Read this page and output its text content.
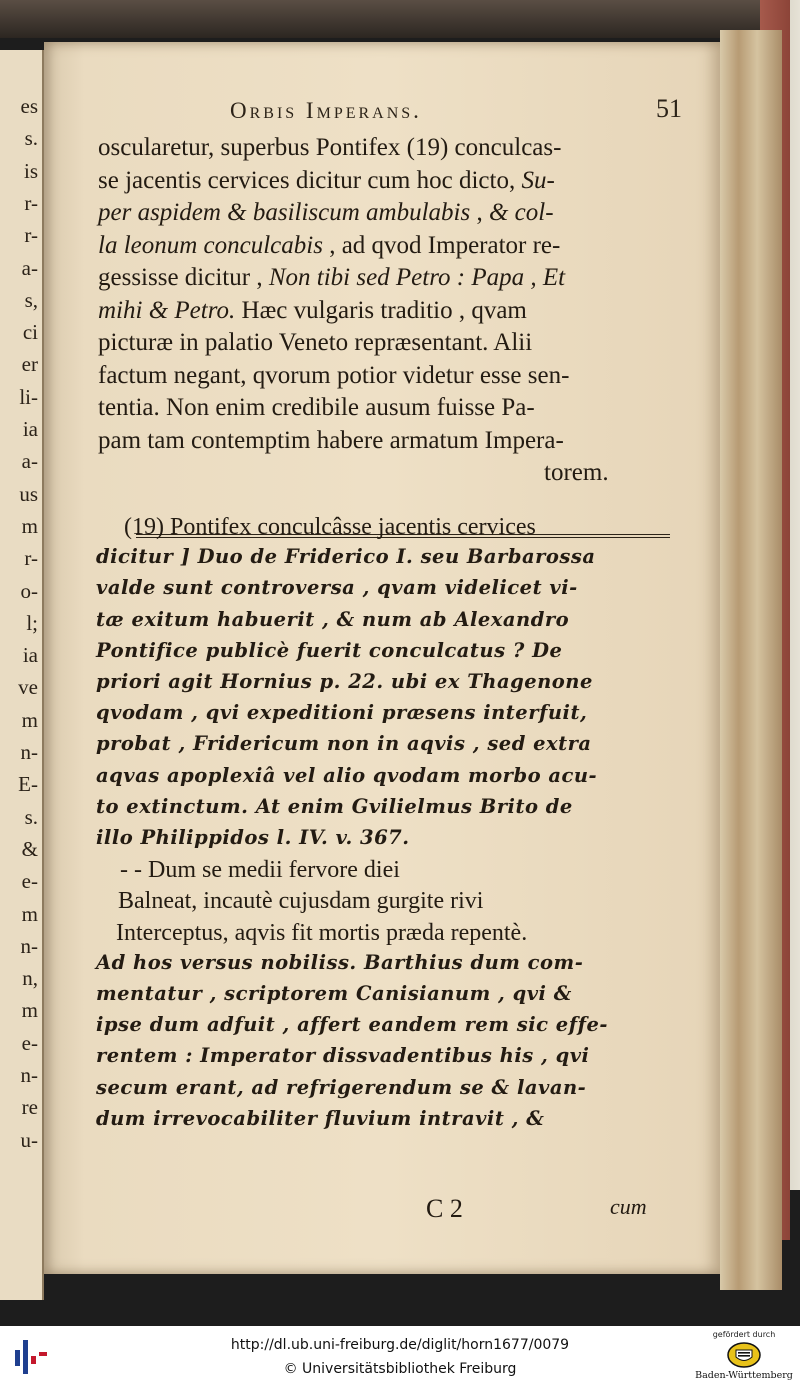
es
s.
is
r-
r-
a-
s,
ci
er
li-
ia
a-
us
m
r-
o-
l;
ia
ve
m
n-
E-
s.
&
e-
m
n-
n,
m
e-
n-
re
u-
Orbis Imperans.	51
oscularetur, superbus Pontifex (19) conculcas-
se jacentis cervices dicitur cum hoc dicto, Su-
per aspidem & basiliscum ambulabis , & col-
la leonum conculcabis , ad qvod Imperator re-
gessisse dicitur , Non tibi sed Petro : Papa , Et
mihi & Petro. Hæc vulgaris traditio , qvam
picturæ in palatio Veneto repræsentant. Alii
factum negant, qvorum potior videtur esse sen-
tentia. Non enim credibile ausum fuisse Pa-
pam tam contemptim habere armatum Impera-
torem.
(19) Pontifex conculcâsse jacentis cervices
dicitur ] Duo de Friderico I. seu Barbarossa
valde sunt controversa , qvam videlicet vi-
tæ exitum habuerit , & num ab Alexandro
Pontifice publicè fuerit conculcatus ? De
priori agit Hornius p. 22. ubi ex Thagenone
qvodam , qvi expeditioni præsens interfuit,
probat , Fridericum non in aqvis , sed extra
aqvas apoplexiâ vel alio qvodam morbo acu-
to extinctum. At enim Gvilielmus Brito de
illo Philippidos l. IV. v. 367.
- - Dum se medii fervore diei
Balneat, incautè cujusdam gurgite rivi
Interceptus, aqvis fit mortis præda repentè.
Ad hos versus nobiliss. Barthius dum com-
mentatur , scriptorem Canisianum , qvi &
ipse dum adfuit , affert eandem rem sic effe-
rentem : Imperator dissvadentibus his , qvi
secum erant, ad refrigerendum se & lavan-
dum irrevocabiliter fluvium intravit , &
C 2	cum
http://dl.ub.uni-freiburg.de/diglit/horn1677/0079
© Universitätsbibliothek Freiburg
gefördert durch
Baden-Württemberg
